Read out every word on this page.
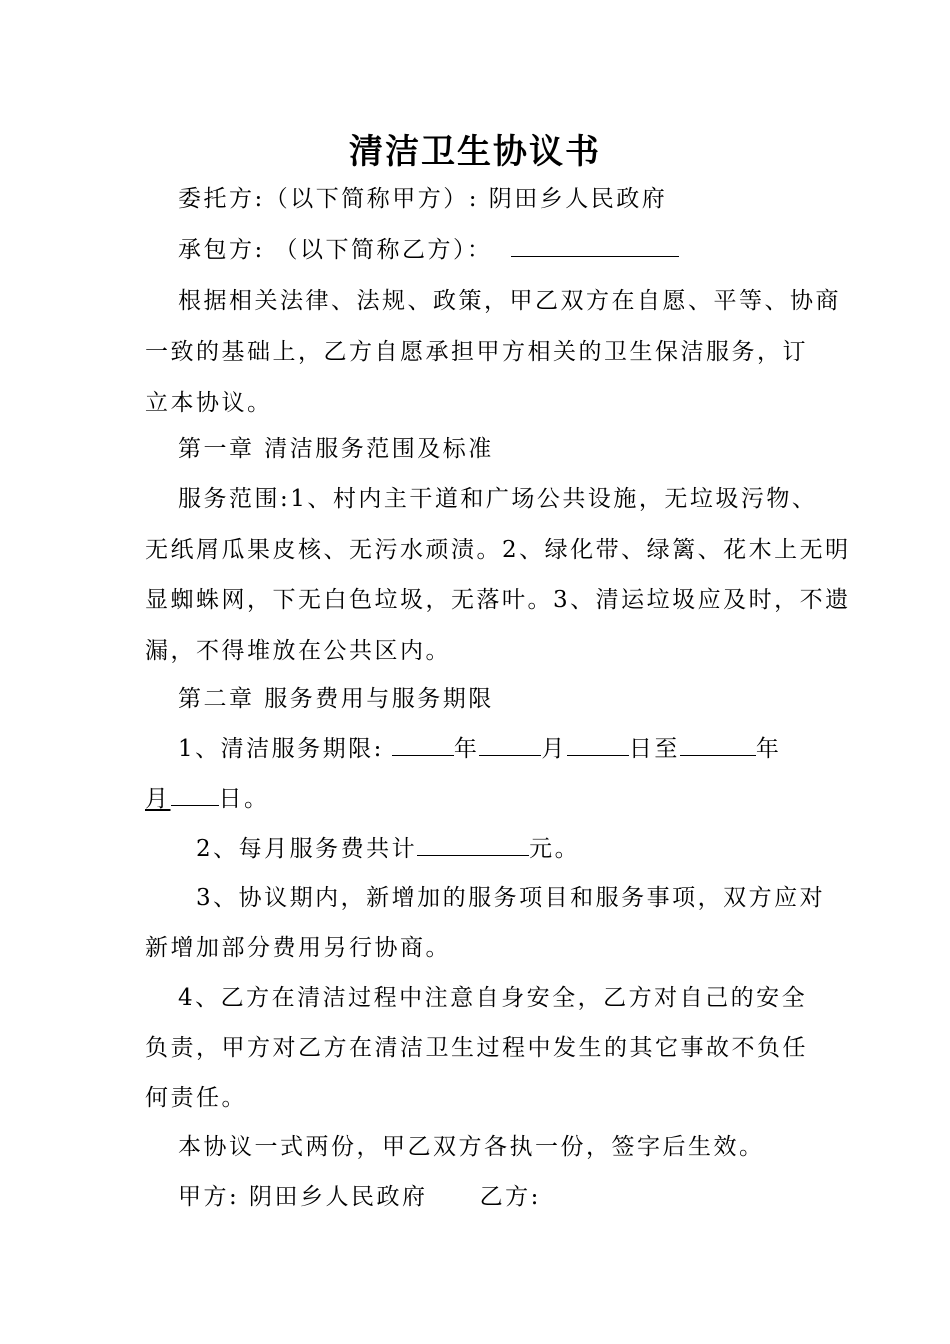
清洁卫生协议书
委托方:（以下简称甲方）: 阴田乡人民政府
承包方: （以下简称乙方）：
根据相关法律、法规、政策，甲乙双方在自愿、平等、协商
一致的基础上，乙方自愿承担甲方相关的卫生保洁服务，订
立本协议。
第一章 清洁服务范围及标准
服务范围:1、村内主干道和广场公共设施，无垃圾污物、
无纸屑瓜果皮核、无污水顽渍。2、绿化带、绿篱、花木上无明
显蜘蛛网，下无白色垃圾，无落叶。3、清运垃圾应及时，不遗
漏，不得堆放在公共区内。
第二章 服务费用与服务期限
1、清洁服务期限:	年	月	日至	年
月 日。
2、每月服务费共计	元。
3、协议期内，新增加的服务项目和服务事项，双方应对
新增加部分费用另行协商。
4、乙方在清洁过程中注意自身安全，乙方对自己的安全
负责，甲方对乙方在清洁卫生过程中发生的其它事故不负任
何责任。
本协议一式两份，甲乙双方各执一份，签字后生效。
甲方: 阴田乡人民政府 乙方:
